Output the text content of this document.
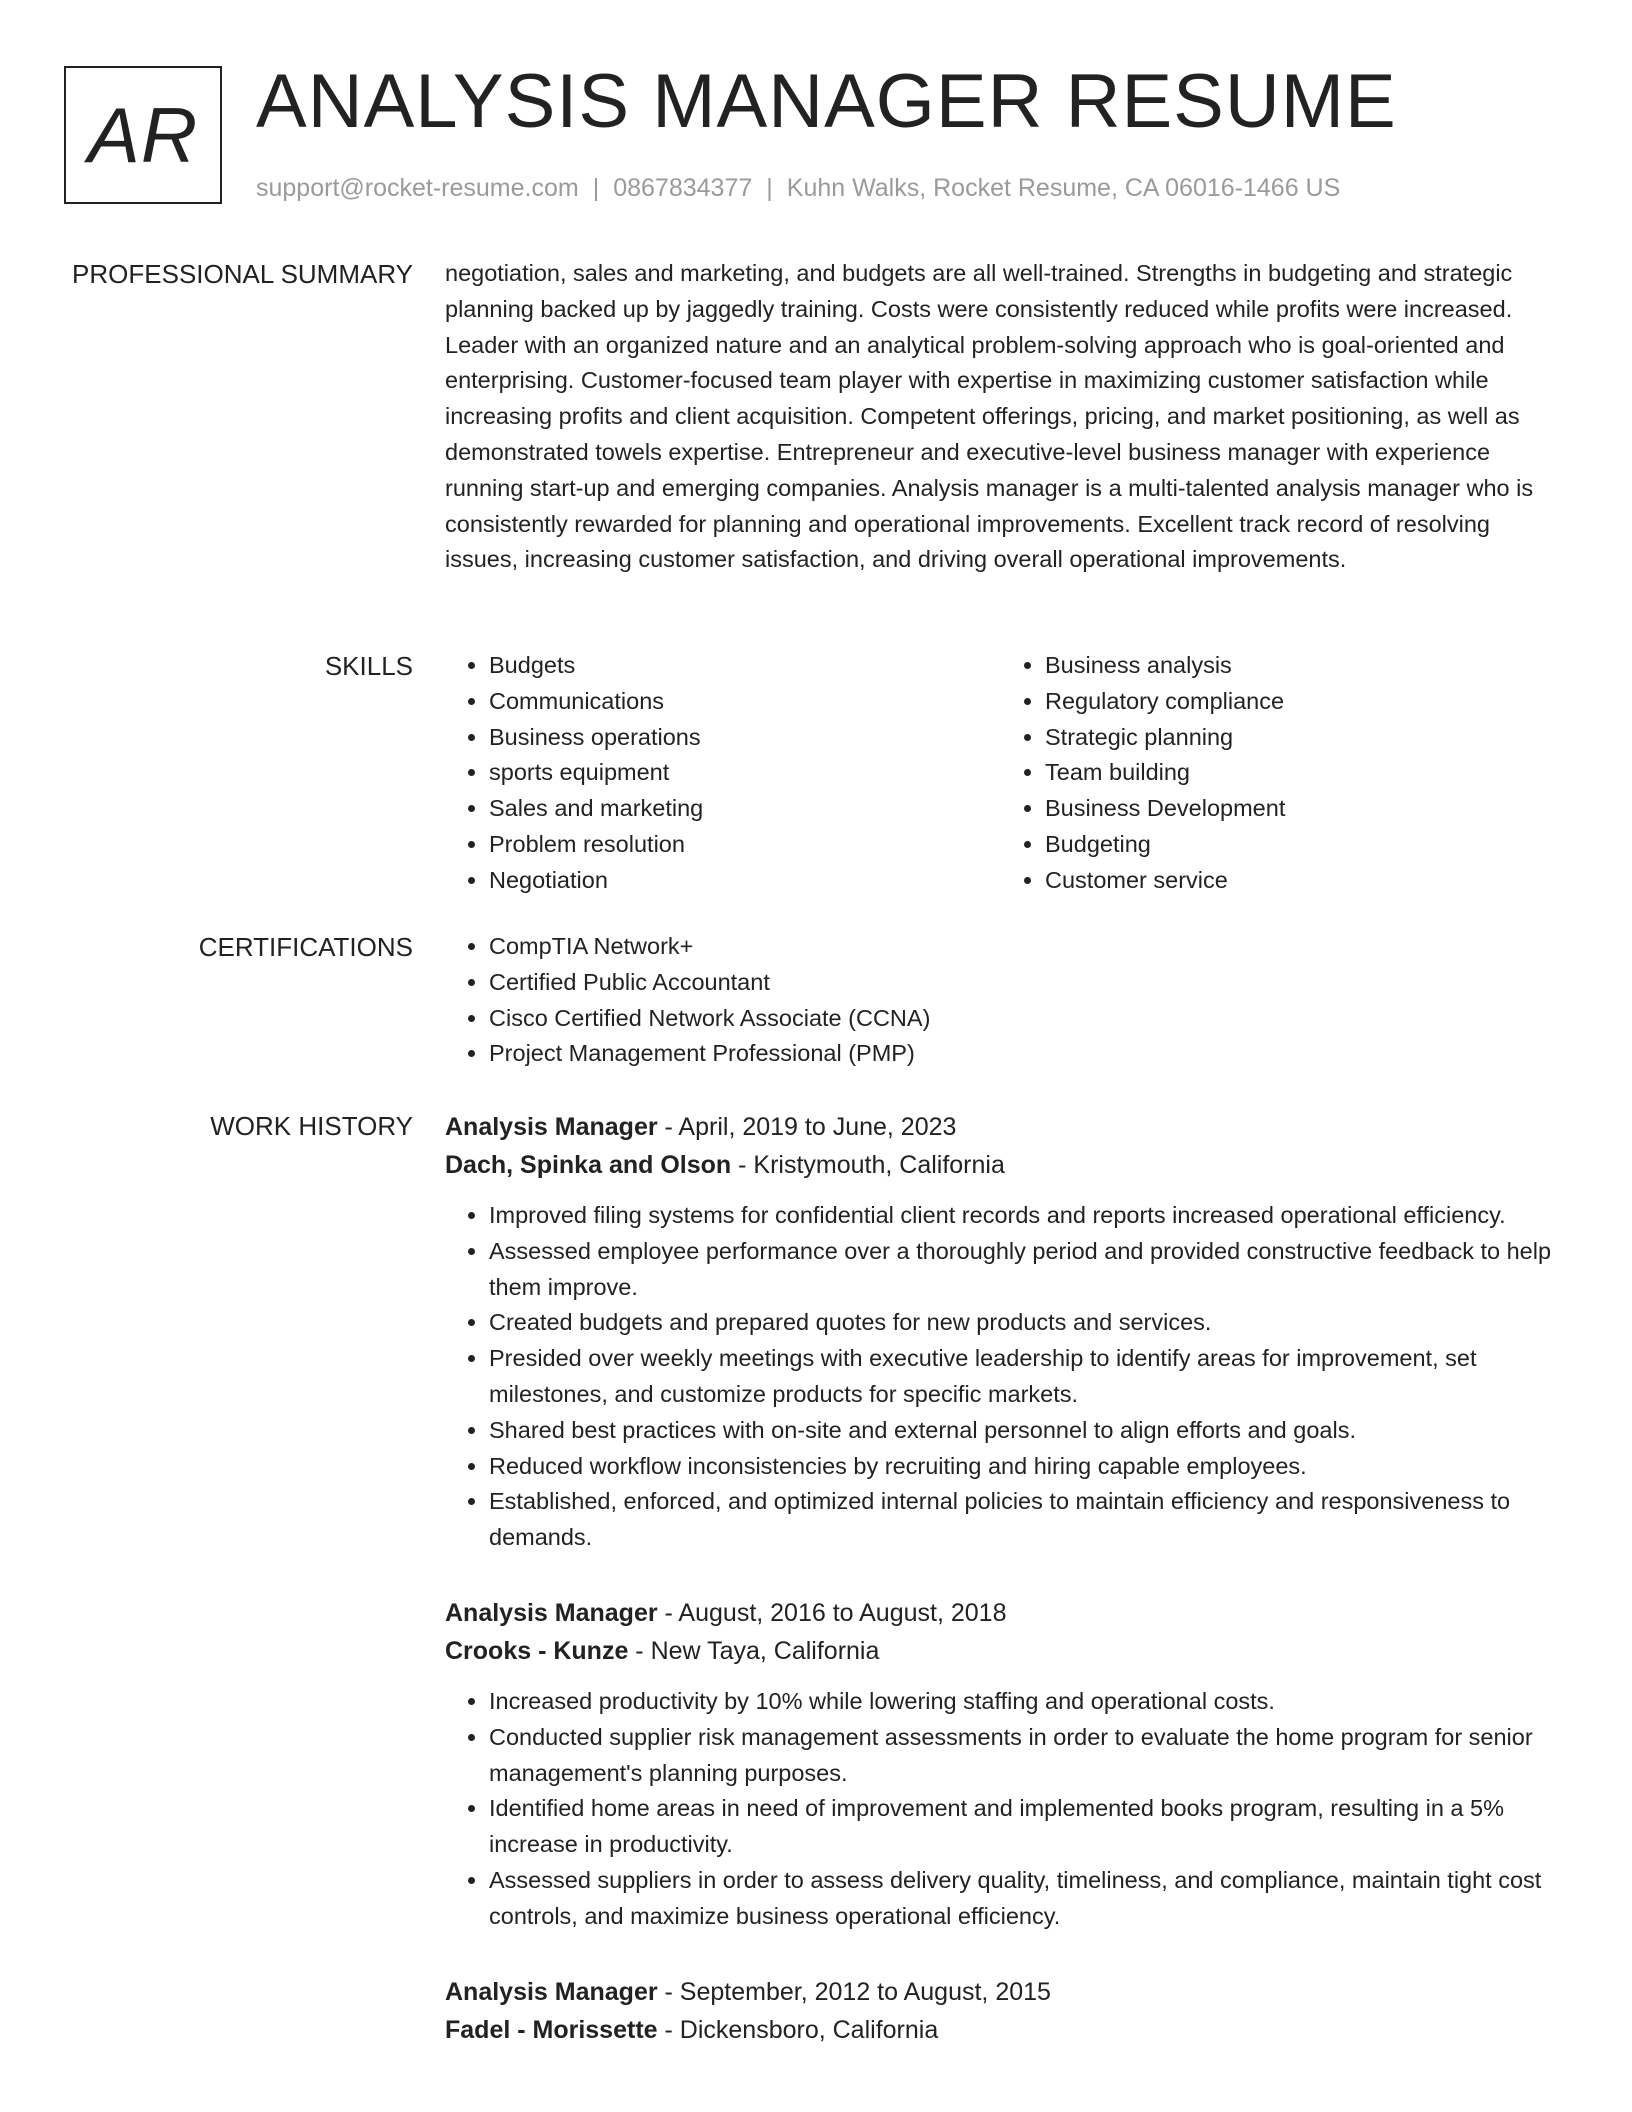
AR ANALYSIS MANAGER RESUME
support@rocket-resume.com | 0867834377 | Kuhn Walks, Rocket Resume, CA 06016-1466 US
PROFESSIONAL SUMMARY negotiation, sales and marketing, and budgets are all well-trained. Strengths in budgeting and strategic planning backed up by jaggedly training. Costs were consistently reduced while profits were increased. Leader with an organized nature and an analytical problem-solving approach who is goal-oriented and enterprising. Customer-focused team player with expertise in maximizing customer satisfaction while increasing profits and client acquisition. Competent offerings, pricing, and market positioning, as well as demonstrated towels expertise. Entrepreneur and executive-level business manager with experience running start-up and emerging companies. Analysis manager is a multi-talented analysis manager who is consistently rewarded for planning and operational improvements. Excellent track record of resolving issues, increasing customer satisfaction, and driving overall operational improvements.

SKILLS	• Budgets
• Communications
• Business operations
• sports equipment
• Sales and marketing
• Problem resolution
• Negotiation
• Business analysis
• Regulatory compliance
• Strategic planning
• Team building
• Business Development
• Budgeting
• Customer service
CERTIFICATIONS	• CompTIA Network+
• Certified Public Accountant
• Cisco Certified Network Associate (CCNA)
• Project Management Professional (PMP)
WORK HISTORY Analysis Manager - April, 2019 to June, 2023
Dach, Spinka and Olson - Kristymouth, California
• Improved filing systems for confidential client records and reports increased operational efficiency.
• Assessed employee performance over a thoroughly period and provided constructive feedback to help them improve.
• Created budgets and prepared quotes for new products and services.
• Presided over weekly meetings with executive leadership to identify areas for improvement, set milestones, and customize products for specific markets.
• Shared best practices with on-site and external personnel to align efforts and goals.
• Reduced workflow inconsistencies by recruiting and hiring capable employees.
• Established, enforced, and optimized internal policies to maintain efficiency and responsiveness to demands.
Analysis Manager - August, 2016 to August, 2018
Crooks - Kunze - New Taya, California
• Increased productivity by 10% while lowering staffing and operational costs.
• Conducted supplier risk management assessments in order to evaluate the home program for senior management's planning purposes.
• Identified home areas in need of improvement and implemented books program, resulting in a 5% increase in productivity.
• Assessed suppliers in order to assess delivery quality, timeliness, and compliance, maintain tight cost controls, and maximize business operational efficiency.
Analysis Manager - September, 2012 to August, 2015
Fadel - Morissette - Dickensboro, California
